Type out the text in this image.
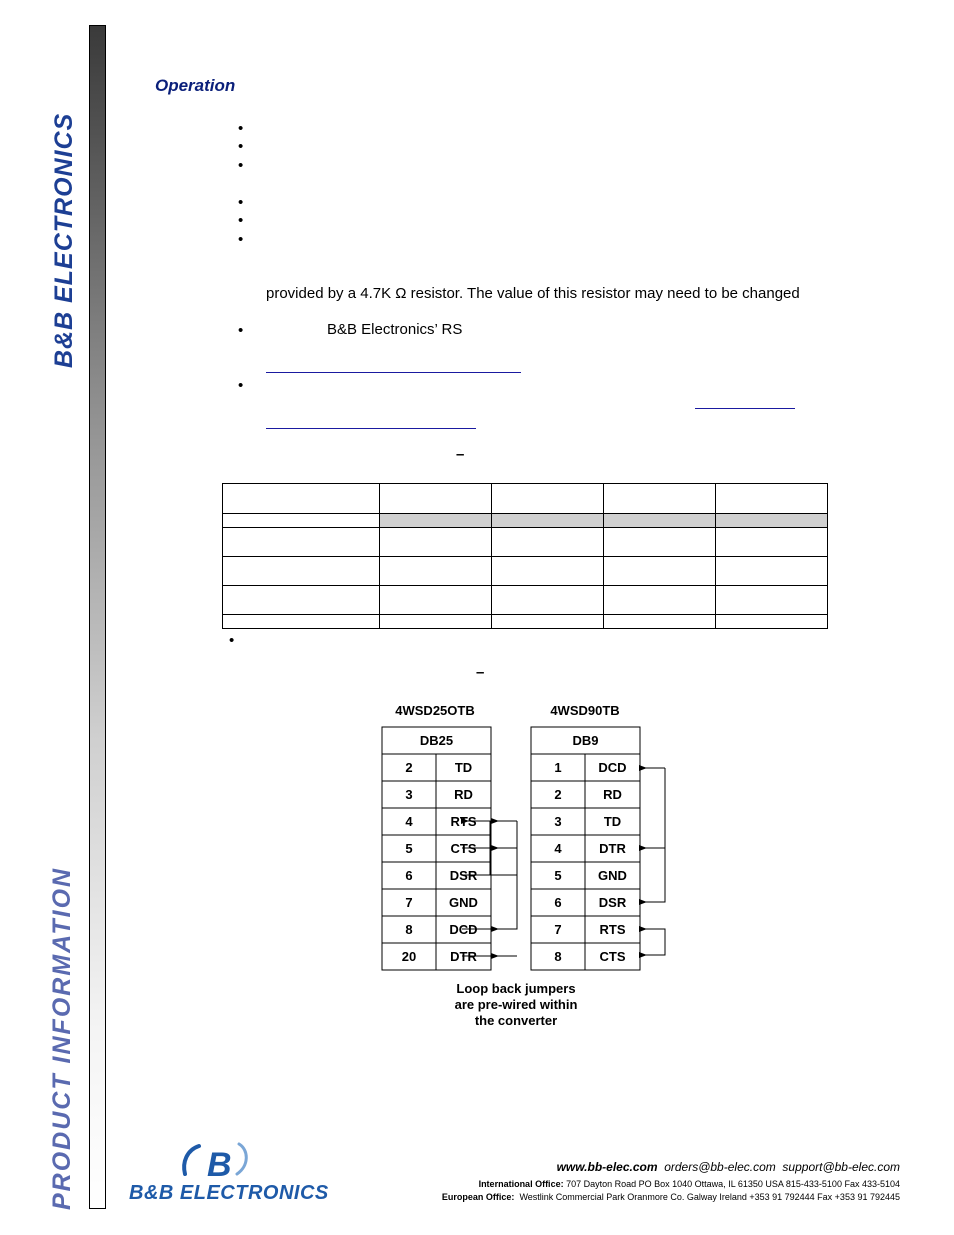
B&B ELECTRONICS
PRODUCT INFORMATION
Operation
•
•
•
•
•
•
provided by a 4.7K Ω resistor. The value of this resistor may need to be changed
•	B&B Electronics’ RS
•
–

•
–
4WSD25OTB	4WSD90TB
DB25
2	TD
3	RD
4	RTS
5	CTS
6	DSR
7	GND
8	DCD
20	DTR
DB9
1	DCD
2	RD
3	TD
4	DTR
5	GND
6	DSR
7	RTS
8	CTS
Loop back jumpers
are pre-wired within
the converter
www.bb-elec.com orders@bb-elec.com support@bb-elec.com
International Office: 707 Dayton Road PO Box 1040 Ottawa, IL 61350 USA 815-433-5100 Fax 433-5104
European Office: Westlink Commercial Park Oranmore Co. Galway Ireland +353 91 792444 Fax +353 91 792445
B
B&B ELECTRONICS
